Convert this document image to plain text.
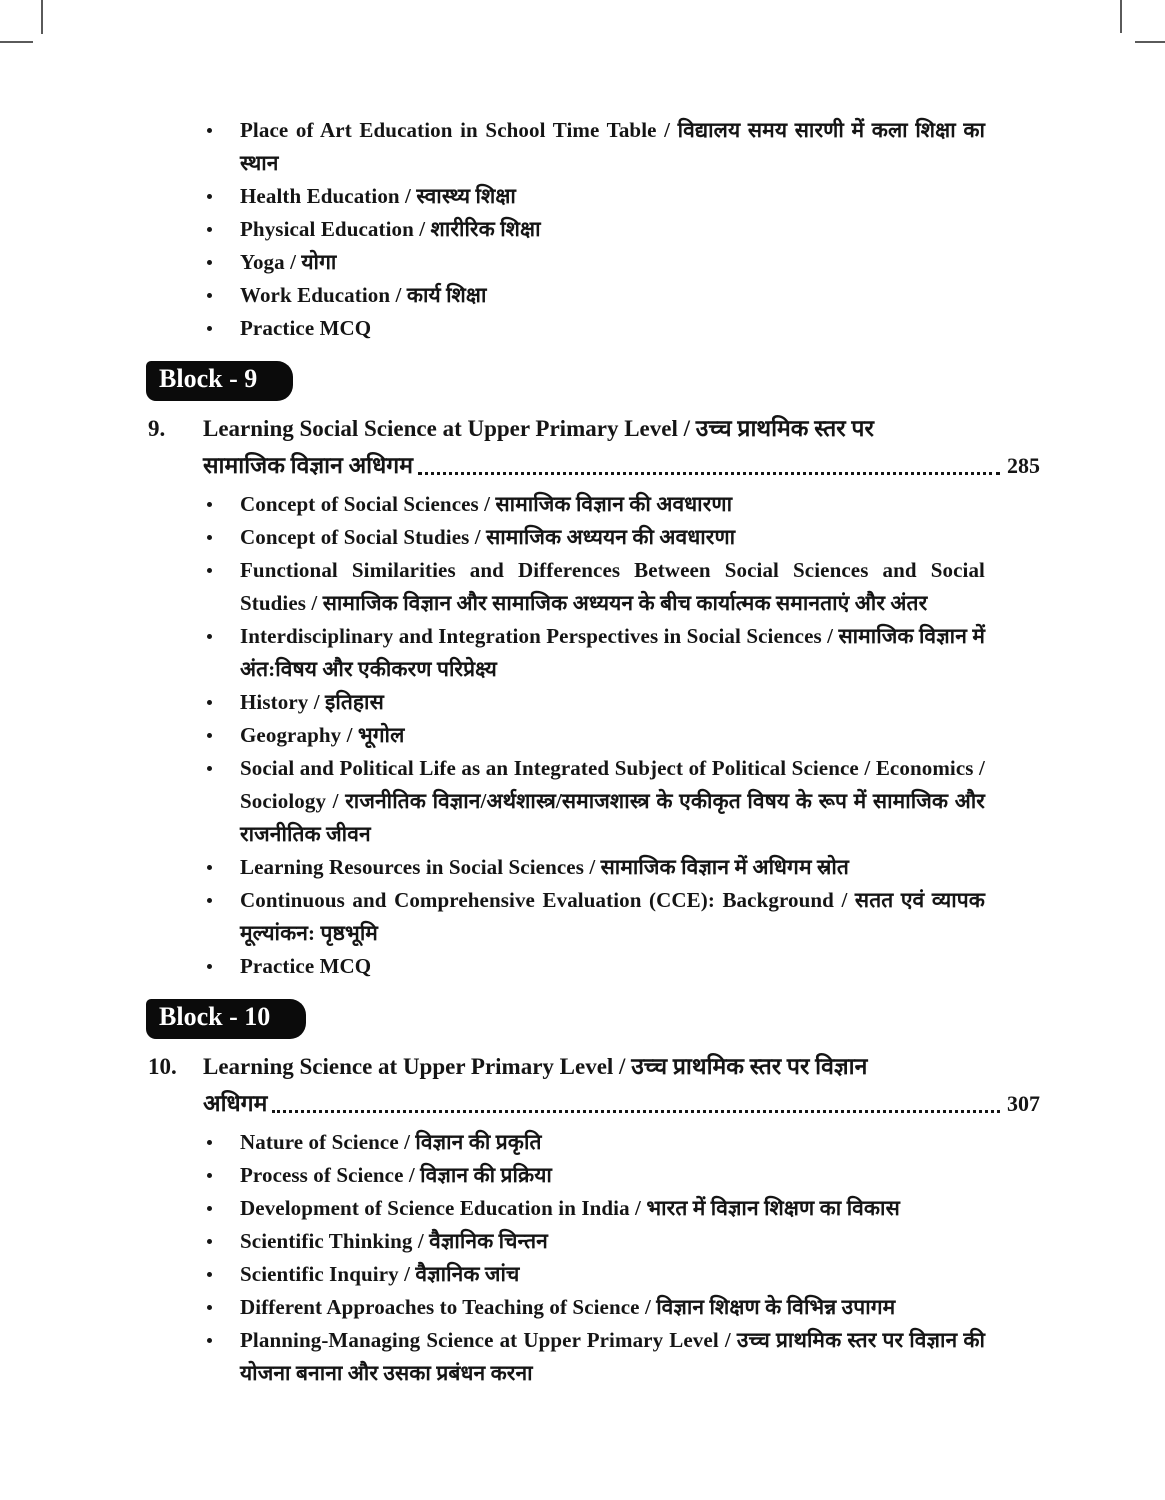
Place of Art Education in School Time Table / विद्यालय समय सारणी में कला शिक्षा का स्थान
Health Education / स्वास्थ्य शिक्षा
Physical Education / शारीरिक शिक्षा
Yoga / योगा
Work Education / कार्य शिक्षा
Practice MCQ
Block - 9
9.	Learning Social Science at Upper Primary Level / उच्च प्राथमिक स्तर पर
सामाजिक विज्ञान अधिगम	285
Concept of Social Sciences / सामाजिक विज्ञान की अवधारणा
Concept of Social Studies / सामाजिक अध्ययन की अवधारणा
Functional Similarities and Differences Between Social Sciences and Social Studies / सामाजिक विज्ञान और सामाजिक अध्ययन के बीच कार्यात्मक समानताएं और अंतर
Interdisciplinary and Integration Perspectives in Social Sciences / सामाजिक विज्ञान में अंत:विषय और एकीकरण परिप्रेक्ष्य
History / इतिहास
Geography / भूगोल
Social and Political Life as an Integrated Subject of Political Science / Economics / Sociology / राजनीतिक विज्ञान/अर्थशास्त्र/समाजशास्त्र के एकीकृत विषय के रूप में सामाजिक और राजनीतिक जीवन
Learning Resources in Social Sciences / सामाजिक विज्ञान में अधिगम स्रोत
Continuous and Comprehensive Evaluation (CCE): Background / सतत एवं व्यापक मूल्यांकन: पृष्ठभूमि
Practice MCQ
Block - 10
10.	Learning Science at Upper Primary Level / उच्च प्राथमिक स्तर पर विज्ञान
अधिगम	307
Nature of Science / विज्ञान की प्रकृति
Process of Science / विज्ञान की प्रक्रिया
Development of Science Education in India / भारत में विज्ञान शिक्षण का विकास
Scientific Thinking / वैज्ञानिक चिन्तन
Scientific Inquiry / वैज्ञानिक जांच
Different Approaches to Teaching of Science / विज्ञान शिक्षण के विभिन्न उपागम
Planning-Managing Science at Upper Primary Level / उच्च प्राथमिक स्तर पर विज्ञान की योजना बनाना और उसका प्रबंधन करना
